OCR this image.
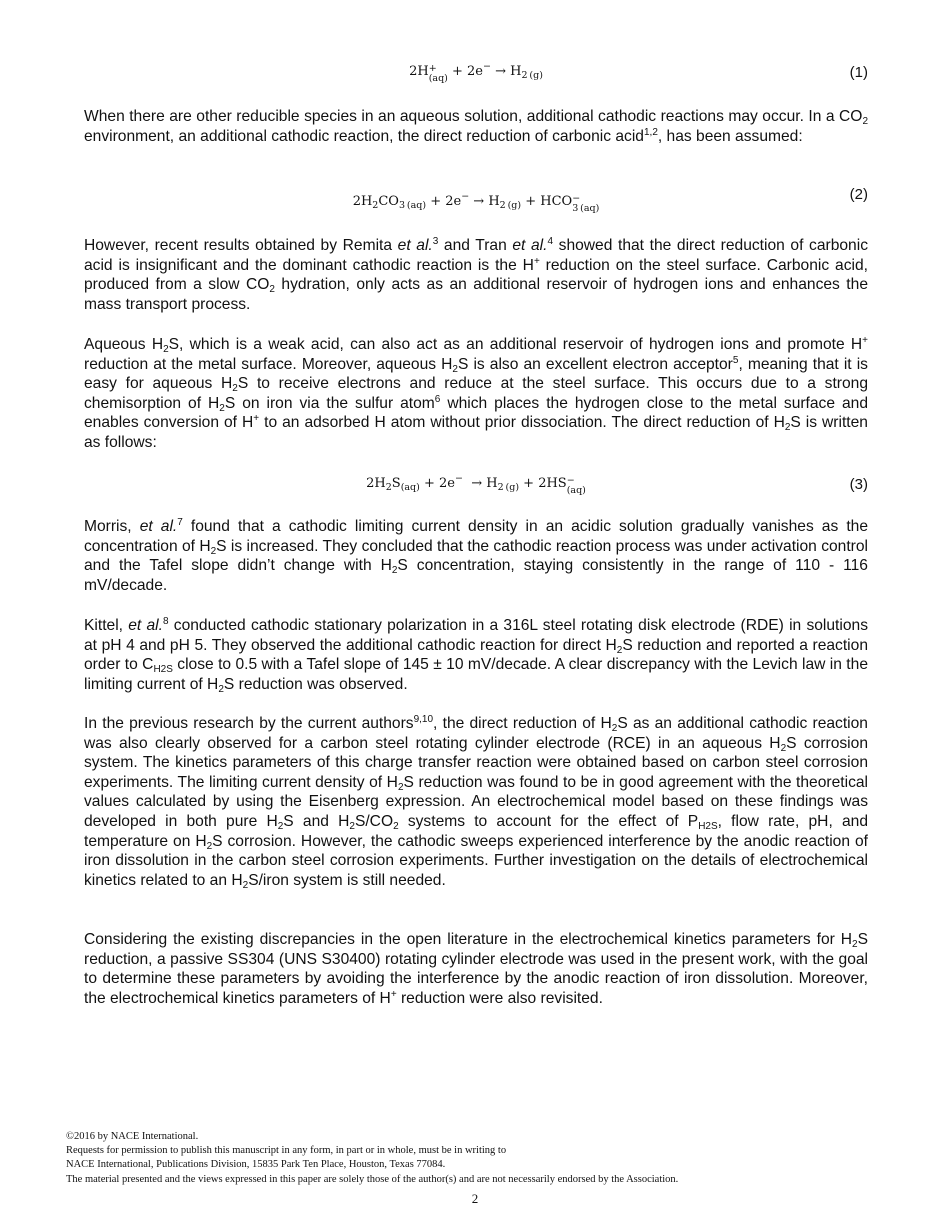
2H+
$(aq) + 2e^- \to H_{2 (g)}$	(1)

When there are other reducible species in an aqueous solution, additional cathodic reactions may occur. In a $CO_2$ environment, an additional cathodic reaction, the direct reduction of carbonic acid$^{1,2}$, has been assumed:

$2H_2CO_{3 (aq)} + 2e^- \to H_{2 (g)} + HCO-$
3 (aq)
(2)

However, recent results obtained by Remita et al.$^3$ and Tran et al.$^4$ showed that the direct reduction of carbonic acid is insignificant and the dominant cathodic reaction is the H+ reduction on the steel surface. Carbonic acid, produced from a slow $CO_2$ hydration, only acts as an additional reservoir of hydrogen ions and enhances the mass transport process.

Aqueous $H_2S$, which is a weak acid, can also act as an additional reservoir of hydrogen ions and promote H+ reduction at the metal surface. Moreover, aqueous $H_2S$ is also an excellent electron acceptor$^5$, meaning that it is easy for aqueous $H_2S$ to receive electrons and reduce at the steel surface. This occurs due to a strong chemisorption of $H_2S$ on iron via the sulfur atom$^6$ which places the hydrogen close to the metal surface and enables conversion of H+ to an adsorbed H atom without prior dissociation. The direct reduction of $H_2S$ is written as follows:

$2H_2S_{(aq)} + 2e^- \to H_{2 (g)} + 2HS-$
(aq)	(3)

Morris, et al.$^7$ found that a cathodic limiting current density in an acidic solution gradually vanishes as the concentration of $H_2S$ is increased. They concluded that the cathodic reaction process was under activation control and the Tafel slope didn’t change with $H_2S$ concentration, staying consistently in the range of 110 - 116 mV/decade.

Kittel, et al.$^8$ conducted cathodic stationary polarization in a 316L steel rotating disk electrode (RDE) in solutions at pH 4 and pH 5. They observed the additional cathodic reaction for direct $H_2S$ reduction and reported a reaction order to $C_{H2S}$ close to 0.5 with a Tafel slope of 145 ± 10 mV/decade. A clear discrepancy with the Levich law in the limiting current of $H_2S$ reduction was observed.

In the previous research by the current authors$^{9,10}$, the direct reduction of $H_2S$ as an additional cathodic reaction was also clearly observed for a carbon steel rotating cylinder electrode (RCE) in an aqueous $H_2S$ corrosion system. The kinetics parameters of this charge transfer reaction were obtained based on carbon steel corrosion experiments. The limiting current density of $H_2S$ reduction was found to be in good agreement with the theoretical values calculated by using the Eisenberg expression. An electrochemical model based on these findings was developed in both pure $H_2S$ and $H_2S/CO_2$ systems to account for the effect of $P_{H2S}$, flow rate, pH, and temperature on $H_2S$ corrosion. However, the cathodic sweeps experienced interference by the anodic reaction of iron dissolution in the carbon steel corrosion experiments. Further investigation on the details of electrochemical kinetics related to an $H_2S$/iron system is still needed.

Considering the existing discrepancies in the open literature in the electrochemical kinetics parameters for $H_2S$ reduction, a passive SS304 (UNS S30400) rotating cylinder electrode was used in the present work, with the goal to determine these parameters by avoiding the interference by the anodic reaction of iron dissolution. Moreover, the electrochemical kinetics parameters of H+ reduction were also revisited.

©2016 by NACE International.
Requests for permission to publish this manuscript in any form, in part or in whole, must be in writing to
NACE International, Publications Division, 15835 Park Ten Place, Houston, Texas 77084.
The material presented and the views expressed in this paper are solely those of the author(s) and are not necessarily endorsed by the Association.
2
